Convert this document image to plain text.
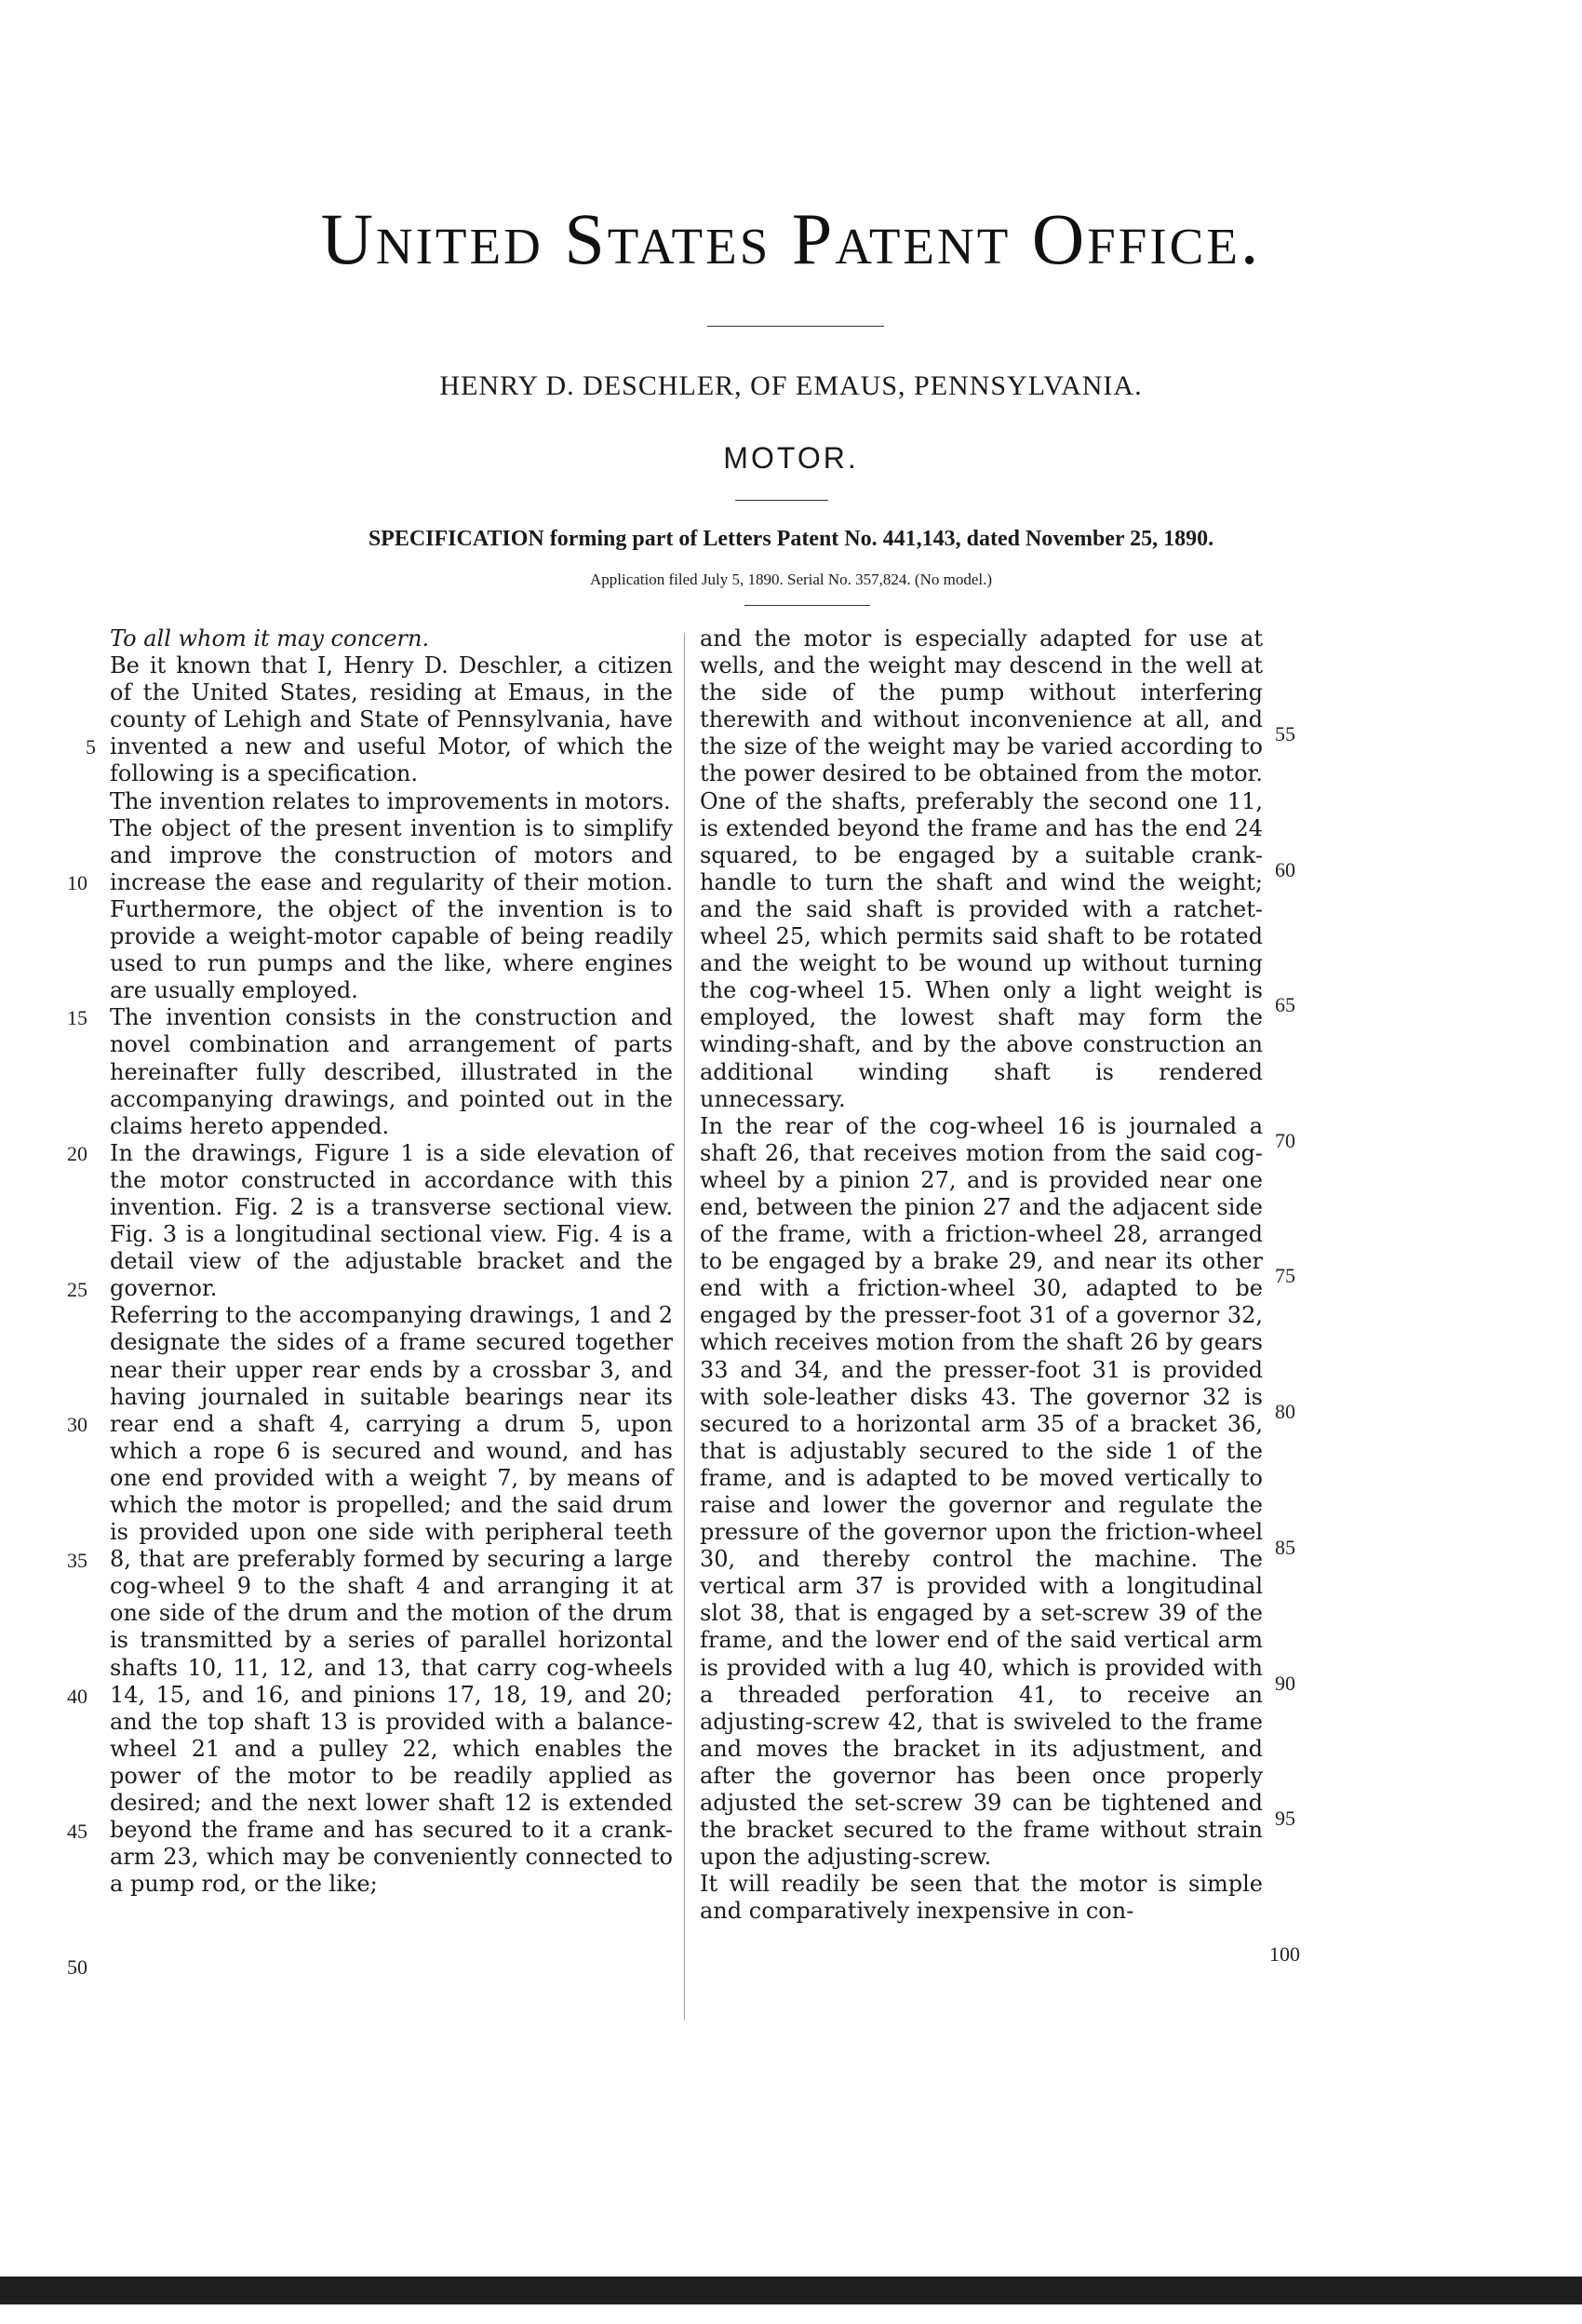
United States Patent Office.
HENRY D. DESCHLER, OF EMAUS, PENNSYLVANIA.
MOTOR.
SPECIFICATION forming part of Letters Patent No. 441,143, dated November 25, 1890.
Application filed July 5, 1890. Serial No. 357,824. (No model.)

To all whom it may concern.

Be it known that I, Henry D. Deschler, a citizen of the United States, residing at Emaus, in the county of Lehigh and State of Pennsylvania, have invented a new and useful Motor, of which the following is a specification.

The invention relates to improvements in motors.

The object of the present invention is to simplify and improve the construction of motors and increase the ease and regularity of their motion. Furthermore, the object of the invention is to provide a weight-motor capable of being readily used to run pumps and the like, where engines are usually employed.

The invention consists in the construction and novel combination and arrangement of parts hereinafter fully described, illustrated in the accompanying drawings, and pointed out in the claims hereto appended.

In the drawings, Figure 1 is a side elevation of the motor constructed in accordance with this invention. Fig. 2 is a transverse sectional view. Fig. 3 is a longitudinal sectional view. Fig. 4 is a detail view of the adjustable bracket and the governor.

Referring to the accompanying drawings, 1 and 2 designate the sides of a frame secured together near their upper rear ends by a crossbar 3, and having journaled in suitable bearings near its rear end a shaft 4, carrying a drum 5, upon which a rope 6 is secured and wound, and has one end provided with a weight 7, by means of which the motor is propelled; and the said drum is provided upon one side with peripheral teeth 8, that are preferably formed by securing a large cog-wheel 9 to the shaft 4 and arranging it at one side of the drum and the motion of the drum is transmitted by a series of parallel horizontal shafts 10, 11, 12, and 13, that carry cog-wheels 14, 15, and 16, and pinions 17, 18, 19, and 20; and the top shaft 13 is provided with a balance-wheel 21 and a pulley 22, which enables the power of the motor to be readily applied as desired; and the next lower shaft 12 is extended beyond the frame and has secured to it a crank-arm 23, which may be conveniently connected to a pump rod, or the like;

and the motor is especially adapted for use at wells, and the weight may descend in the well at the side of the pump without interfering therewith and without inconvenience at all, and the size of the weight may be varied according to the power desired to be obtained from the motor. One of the shafts, preferably the second one 11, is extended beyond the frame and has the end 24 squared, to be engaged by a suitable crank-handle to turn the shaft and wind the weight; and the said shaft is provided with a ratchet-wheel 25, which permits said shaft to be rotated and the weight to be wound up without turning the cog-wheel 15. When only a light weight is employed, the lowest shaft may form the winding-shaft, and by the above construction an additional winding shaft is rendered unnecessary.

In the rear of the cog-wheel 16 is journaled a shaft 26, that receives motion from the said cog-wheel by a pinion 27, and is provided near one end, between the pinion 27 and the adjacent side of the frame, with a friction-wheel 28, arranged to be engaged by a brake 29, and near its other end with a friction-wheel 30, adapted to be engaged by the presser-foot 31 of a governor 32, which receives motion from the shaft 26 by gears 33 and 34, and the presser-foot 31 is provided with sole-leather disks 43. The governor 32 is secured to a horizontal arm 35 of a bracket 36, that is adjustably secured to the side 1 of the frame, and is adapted to be moved vertically to raise and lower the governor and regulate the pressure of the governor upon the friction-wheel 30, and thereby control the machine. The vertical arm 37 is provided with a longitudinal slot 38, that is engaged by a set-screw 39 of the frame, and the lower end of the said vertical arm is provided with a lug 40, which is provided with a threaded perforation 41, to receive an adjusting-screw 42, that is swiveled to the frame and moves the bracket in its adjustment, and after the governor has been once properly adjusted the set-screw 39 can be tightened and the bracket secured to the frame without strain upon the adjusting-screw.

It will readily be seen that the motor is simple and comparatively inexpensive in con-

5
10
15
20
25
30
35
40
45
50
55
60
65
70
75
80
85
90
95
100
